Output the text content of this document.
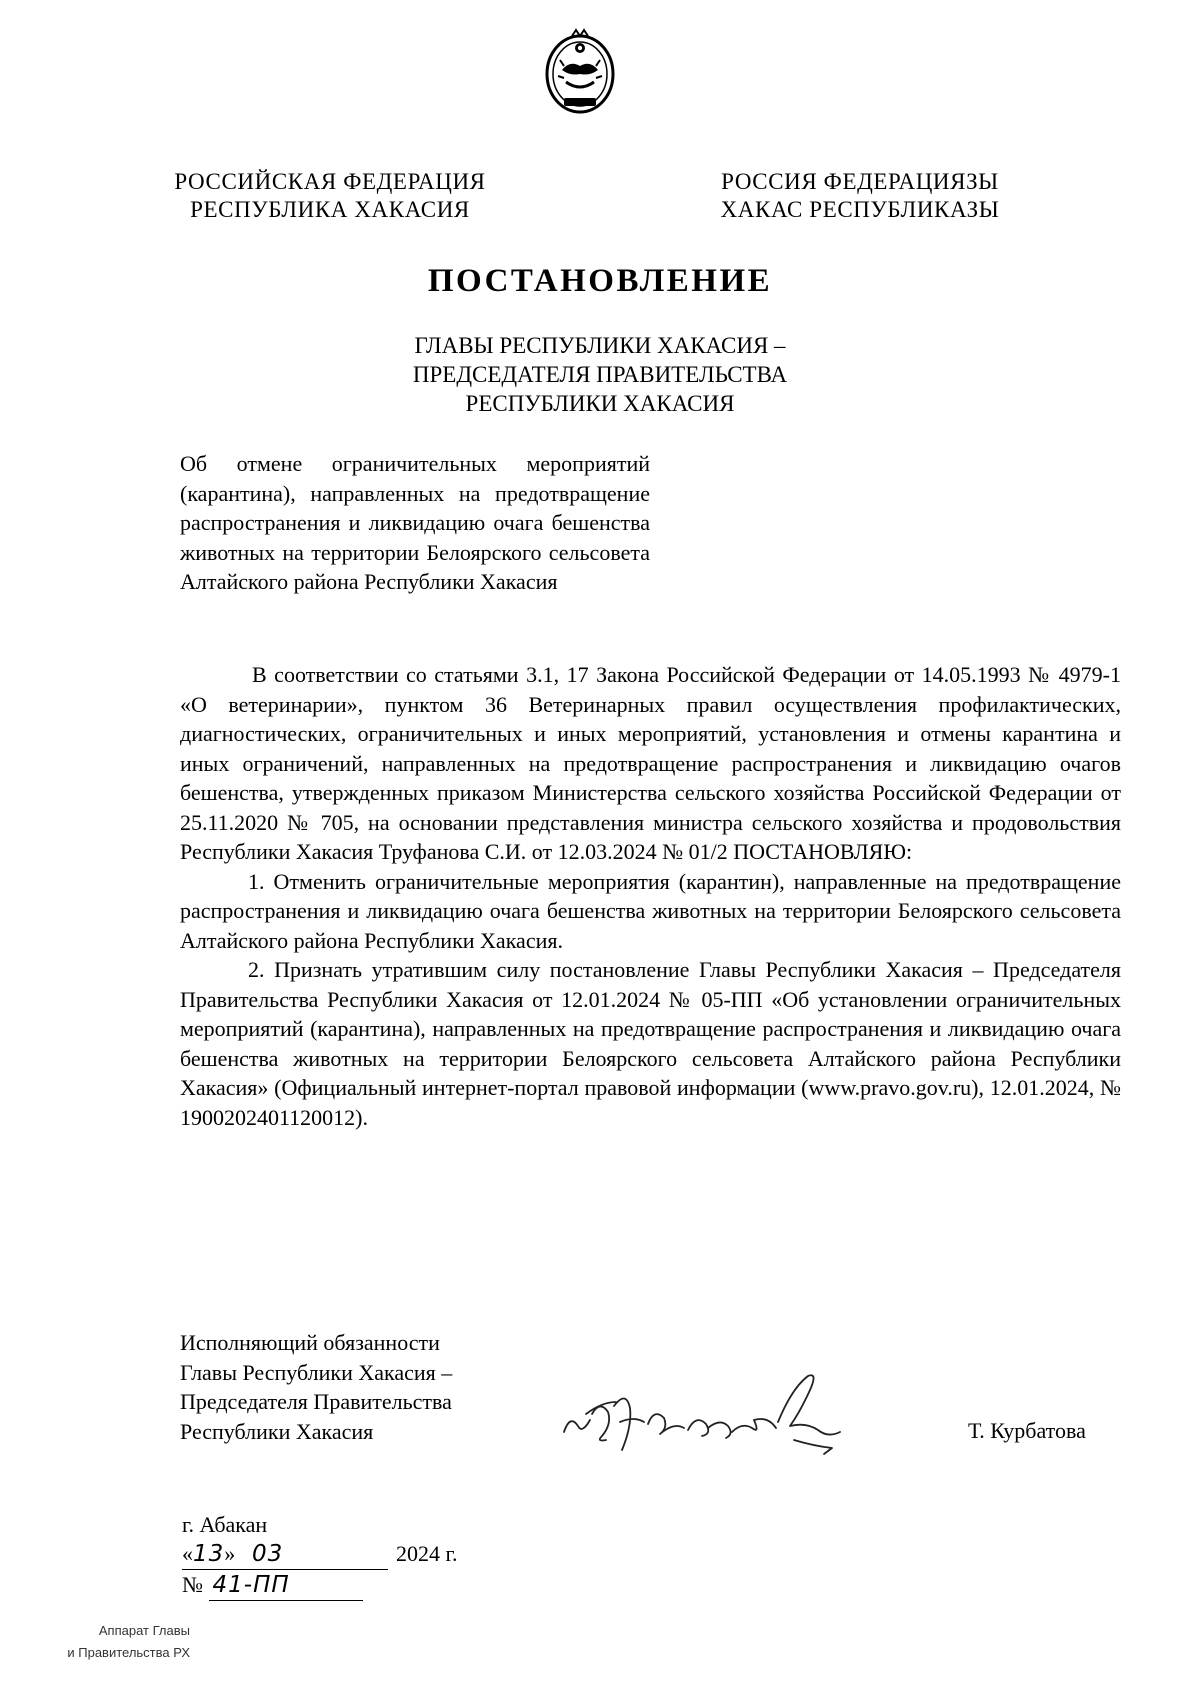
РОССИЙСКАЯ ФЕДЕРАЦИЯ
РЕСПУБЛИКА ХАКАСИЯ
РОССИЯ ФЕДЕРАЦИЯЗЫ
ХАКАС РЕСПУБЛИКАЗЫ
ПОСТАНОВЛЕНИЕ
ГЛАВЫ РЕСПУБЛИКИ ХАКАСИЯ –
ПРЕДСЕДАТЕЛЯ ПРАВИТЕЛЬСТВА
РЕСПУБЛИКИ ХАКАСИЯ
Об отмене ограничительных мероприятий (карантина), направленных на предотвращение распространения и ликвидацию очага бешенства животных на территории Белоярского сельсовета Алтайского района Республики Хакасия

В соответствии со статьями 3.1, 17 Закона Российской Федерации от 14.05.1993 № 4979-1 «О ветеринарии», пунктом 36 Ветеринарных правил осуществления профилактических, диагностических, ограничительных и иных мероприятий, установления и отмены карантина и иных ограничений, направленных на предотвращение распространения и ликвидацию очагов бешенства, утвержденных приказом Министерства сельского хозяйства Российской Федерации от 25.11.2020 № 705, на основании представления министра сельского хозяйства и продовольствия Республики Хакасия Труфанова С.И. от 12.03.2024 № 01/2 ПОСТАНОВЛЯЮ:

1. Отменить ограничительные мероприятия (карантин), направленные на предотвращение распространения и ликвидацию очага бешенства животных на территории Белоярского сельсовета Алтайского района Республики Хакасия.

2. Признать утратившим силу постановление Главы Республики Хакасия – Председателя Правительства Республики Хакасия от 12.01.2024 № 05-ПП «Об установлении ограничительных мероприятий (карантина), направленных на предотвращение распространения и ликвидацию очага бешенства животных на территории Белоярского сельсовета Алтайского района Республики Хакасия» (Официальный интернет-портал правовой информации (www.pravo.gov.ru), 12.01.2024, № 1900202401120012).

Исполняющий обязанности
Главы Республики Хакасия –
Председателя Правительства
Республики Хакасия	Т. Курбатова
г. Абакан
«13» 03	2024 г.
№ 41-ПП
Аппарат Главы
и Правительства РХ
